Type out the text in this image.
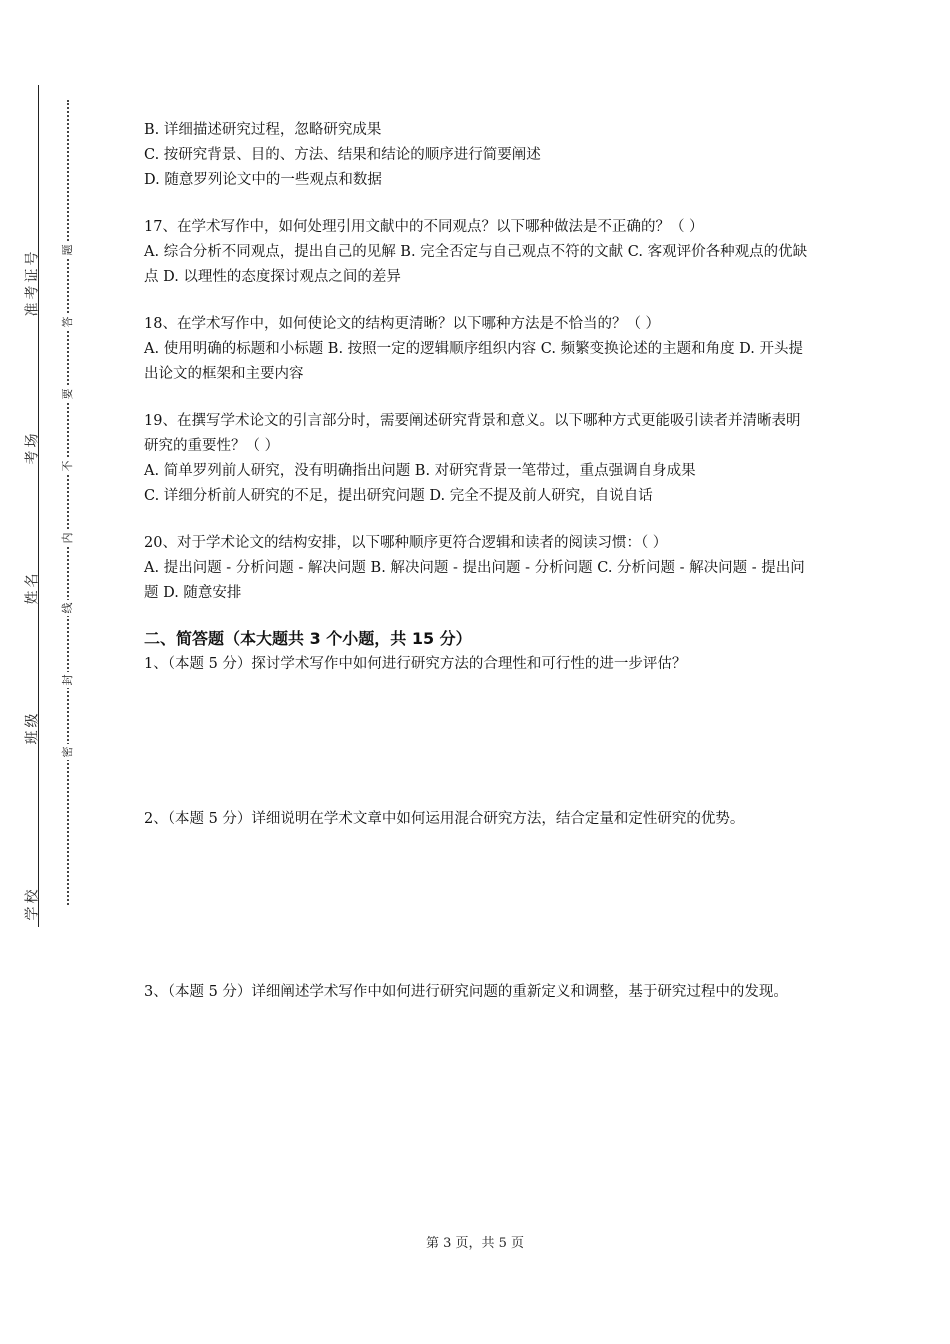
号
证
考
准
场
考
名
姓
级
班
校
学
题
答
要
不
内
线
封
密

B. 详细描述研究过程，忽略研究成果

C. 按研究背景、目的、方法、结果和结论的顺序进行简要阐述

D. 随意罗列论文中的一些观点和数据

17、在学术写作中，如何处理引用文献中的不同观点？以下哪种做法是不正确的？（ ）

A. 综合分析不同观点，提出自己的见解 B. 完全否定与自己观点不符的文献 C. 客观评价各种观点的优缺点 D. 以理性的态度探讨观点之间的差异

18、在学术写作中，如何使论文的结构更清晰？以下哪种方法是不恰当的？（ ）

A. 使用明确的标题和小标题 B. 按照一定的逻辑顺序组织内容 C. 频繁变换论述的主题和角度 D. 开头提出论文的框架和主要内容

19、在撰写学术论文的引言部分时，需要阐述研究背景和意义。以下哪种方式更能吸引读者并清晰表明研究的重要性？（ ）

A. 简单罗列前人研究，没有明确指出问题 B. 对研究背景一笔带过，重点强调自身成果

C. 详细分析前人研究的不足，提出研究问题 D. 完全不提及前人研究，自说自话

20、对于学术论文的结构安排，以下哪种顺序更符合逻辑和读者的阅读习惯：（ ）

A. 提出问题 - 分析问题 - 解决问题 B. 解决问题 - 提出问题 - 分析问题 C. 分析问题 - 解决问题 - 提出问题 D. 随意安排

二、简答题（本大题共 3 个小题，共 15 分）

1、（本题 5 分）探讨学术写作中如何进行研究方法的合理性和可行性的进一步评估？

2、（本题 5 分）详细说明在学术文章中如何运用混合研究方法，结合定量和定性研究的优势。

3、（本题 5 分）详细阐述学术写作中如何进行研究问题的重新定义和调整，基于研究过程中的发现。

第 3 页，共 5 页
